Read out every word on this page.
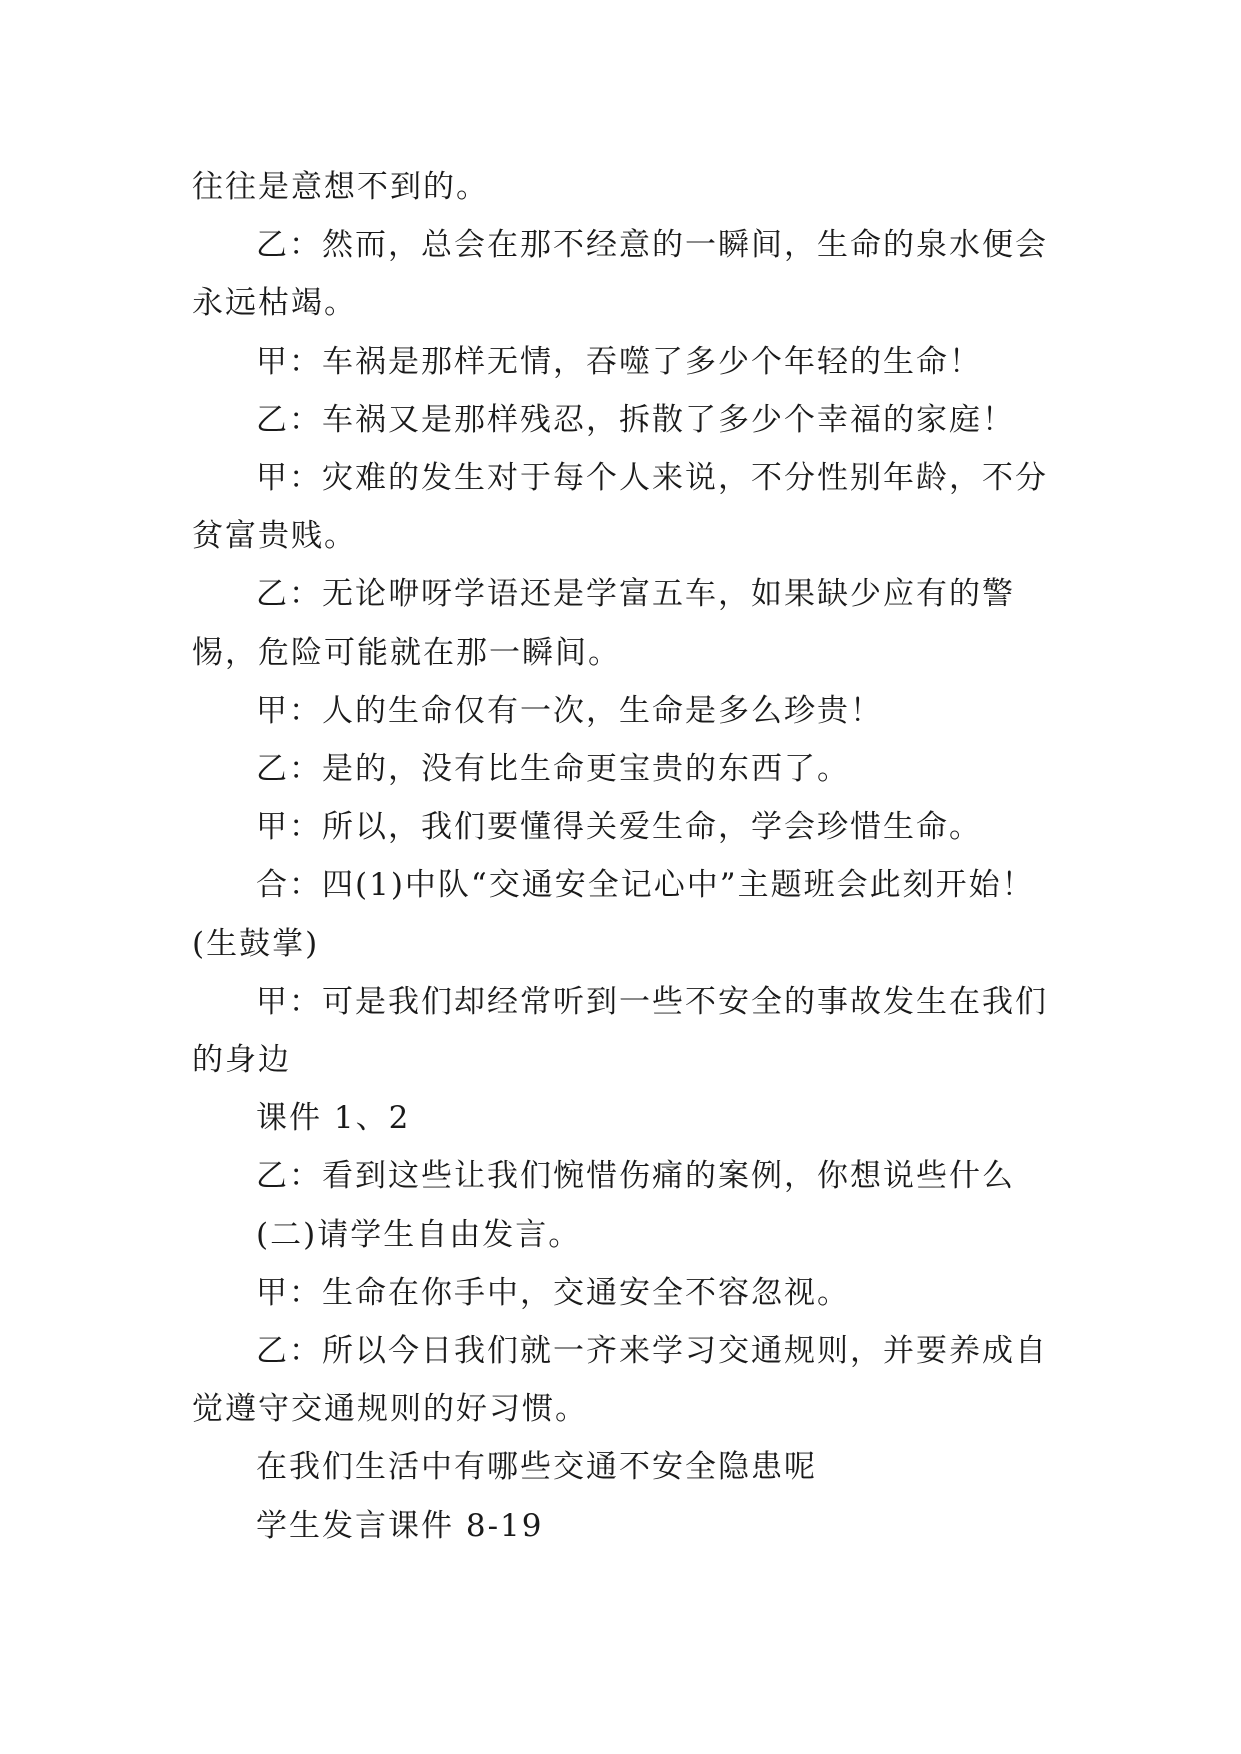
往往是意想不到的。

乙：然而，总会在那不经意的一瞬间，生命的泉水便会永远枯竭。

甲：车祸是那样无情，吞噬了多少个年轻的生命！

乙：车祸又是那样残忍，拆散了多少个幸福的家庭！

甲：灾难的发生对于每个人来说，不分性别年龄，不分贫富贵贱。

乙：无论咿呀学语还是学富五车，如果缺少应有的警惕，危险可能就在那一瞬间。

甲：人的生命仅有一次，生命是多么珍贵！

乙：是的，没有比生命更宝贵的东西了。

甲：所以，我们要懂得关爱生命，学会珍惜生命。

合：四(1)中队“交通安全记心中”主题班会此刻开始！(生鼓掌)

甲：可是我们却经常听到一些不安全的事故发生在我们的身边

课件 1、2

乙：看到这些让我们惋惜伤痛的案例，你想说些什么

(二)请学生自由发言。

甲：生命在你手中，交通安全不容忽视。

乙：所以今日我们就一齐来学习交通规则，并要养成自觉遵守交通规则的好习惯。

在我们生活中有哪些交通不安全隐患呢

学生发言课件 8-19
